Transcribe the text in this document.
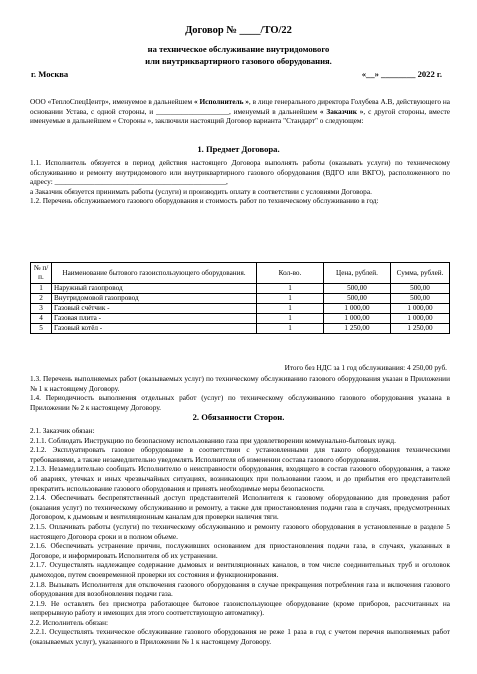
Договор № ____/ТО/22
на техническое обслуживание внутридомового
или внутриквартирного газового оборудования.
г. Москва	«__» ________ 2022 г.

ООО «ТеплоСпецЦентр», именуемое в дальнейшем « Исполнитель », в лице генерального директора Голубева А.В, действующего на основании Устава, с одной стороны, и ____________________, именуемый в дальнейшем « Заказчик », с другой стороны, вместе именуемые в дальнейшем « Стороны », заключили настоящий Договор варианта "Стандарт" о следующем:

1. Предмет Договора.

1.1. Исполнитель обязуется в период действия настоящего Договора выполнять работы (оказывать услуги) по техническому обслуживанию и ремонту внутридомового или внутриквартирного газового оборудования (ВДГО или ВКГО), расположенного по адресу: _______________________________________________,

а Заказчик обязуется принимать работы (услуги) и производить оплату в соответствии с условиями Договора.

1.2. Перечень обслуживаемого газового оборудования и стоимость работ по техническому обслуживанию в год:

№ п/п.	Наименование бытового газоиспользующего оборудования.	Кол-во.	Цена, рублей.	Сумма, рублей.
1	Наружный газопровод	1	500,00	500,00
2	Внутридомовой газопровод	1	500,00	500,00
3	Газовый счётчик -	1	1 000,00	1 000,00
4	Газовая плита -	1	1 000,00	1 000,00
5	Газовый котёл -	1	1 250,00	1 250,00
Итого без НДС за 1 год обслуживания: 4 250,00 руб.

1.3. Перечень выполняемых работ (оказываемых услуг) по техническому обслуживанию газового оборудования указан в Приложении № 1 к настоящему Договору.

1.4. Периодичность выполнения отдельных работ (услуг) по техническому обслуживанию газового оборудования указана в Приложении № 2 к настоящему Договору.

2. Обязанности Сторон.

2.1. Заказчик обязан:

2.1.1. Соблюдать Инструкцию по безопасному использованию газа при удовлетворении коммунально-бытовых нужд.

2.1.2. Эксплуатировать газовое оборудование в соответствии с установленными для такого оборудования техническими требованиями, а также незамедлительно уведомлять Исполнителя об изменении состава газового оборудования.

2.1.3. Незамедлительно сообщать Исполнителю о неисправности оборудования, входящего в состав газового оборудования, а также об авариях, утечках и иных чрезвычайных ситуациях, возникающих при пользовании газом, и до прибытия его представителей прекратить использование газового оборудования и принять необходимые меры безопасности.

2.1.4. Обеспечивать беспрепятственный доступ представителей Исполнителя к газовому оборудованию для проведения работ (оказания услуг) по техническому обслуживанию и ремонту, а также для приостановления подачи газа в случаях, предусмотренных Договором, к дымовым и вентиляционным каналам для проверки наличия тяги.

2.1.5. Оплачивать работы (услуги) по техническому обслуживанию и ремонту газового оборудования в установленные в разделе 5 настоящего Договора сроки и в полном объеме.

2.1.6. Обеспечивать устранение причин, послуживших основанием для приостановления подачи газа, в случаях, указанных в Договоре, и информировать Исполнителя об их устранении.

2.1.7. Осуществлять надлежащее содержание дымовых и вентиляционных каналов, в том числе соединительных труб и оголовок дымоходов, путем своевременной проверки их состояния и функционирования.

2.1.8. Вызывать Исполнителя для отключения газового оборудования в случае прекращения потребления газа и включения газового оборудования для возобновления подачи газа.

2.1.9. Не оставлять без присмотра работающее бытовое газоиспользующее оборудование (кроме приборов, рассчитанных на непрерывную работу и имеющих для этого соответствующую автоматику).

2.2. Исполнитель обязан:

2.2.1. Осуществлять техническое обслуживание газового оборудования не реже 1 раза в год с учетом перечня выполняемых работ (оказываемых услуг), указанного в Приложении № 1 к настоящему Договору.
